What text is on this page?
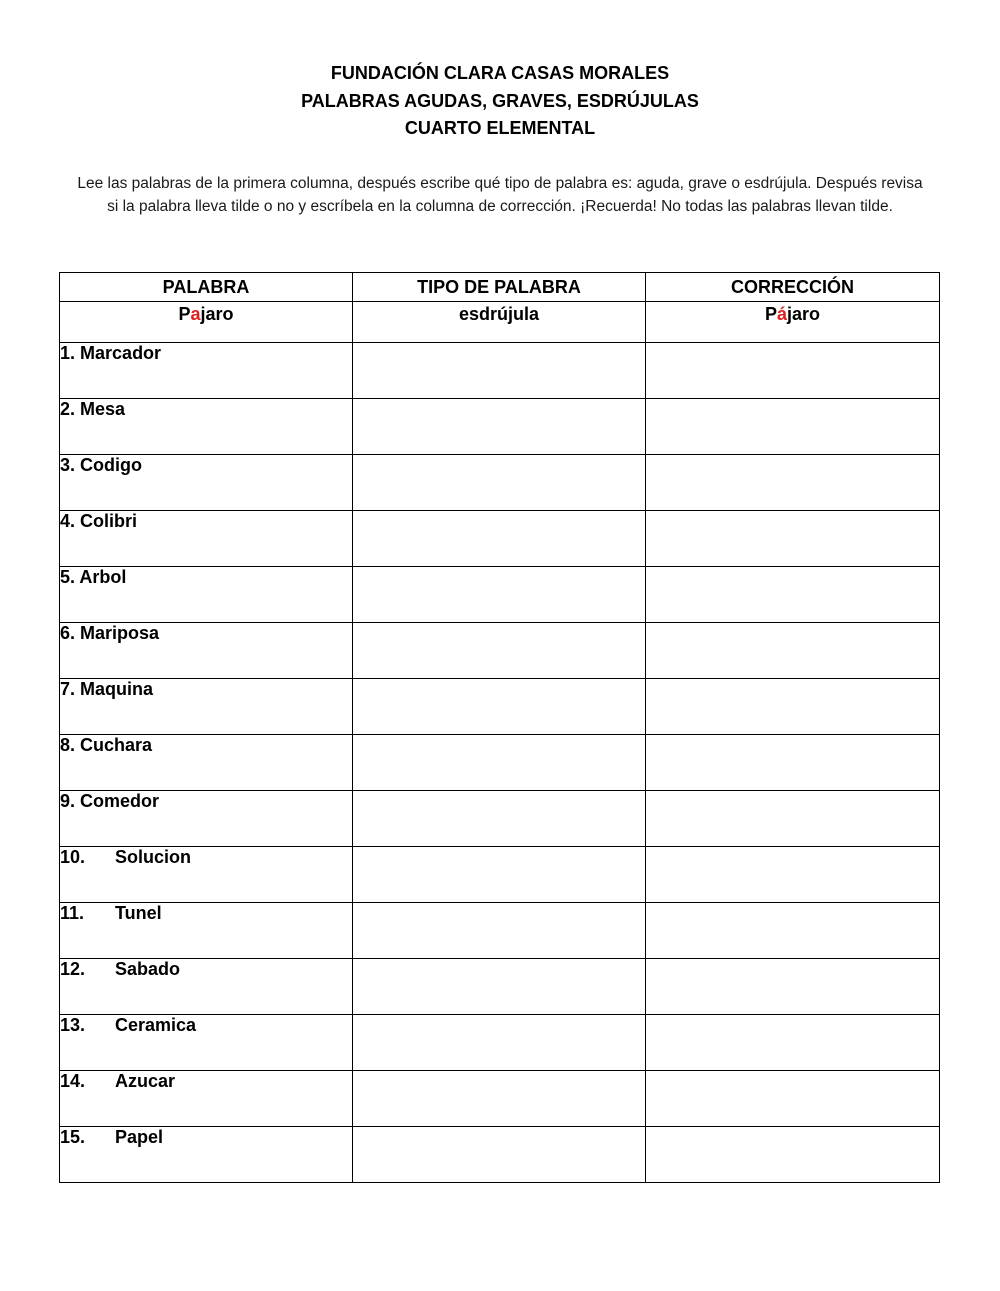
FUNDACIÓN CLARA CASAS MORALES
PALABRAS AGUDAS, GRAVES, ESDRÚJULAS
CUARTO ELEMENTAL
Lee las palabras de la primera columna, después escribe qué tipo de palabra es: aguda, grave o esdrújula. Después revisa si la palabra lleva tilde o no y escríbela en la columna de corrección. ¡Recuerda! No todas las palabras llevan tilde.
PALABRA	TIPO DE PALABRA	CORRECCIÓN
Pajaro	esdrújula	Pájaro
1. Marcador		
2. Mesa		
3. Codigo		
4. Colibri		
5. Arbol		
6. Mariposa		
7. Maquina		
8. Cuchara		
9. Comedor		
10. Solucion		
11. Tunel		
12. Sabado		
13. Ceramica		
14. Azucar		
15. Papel		
